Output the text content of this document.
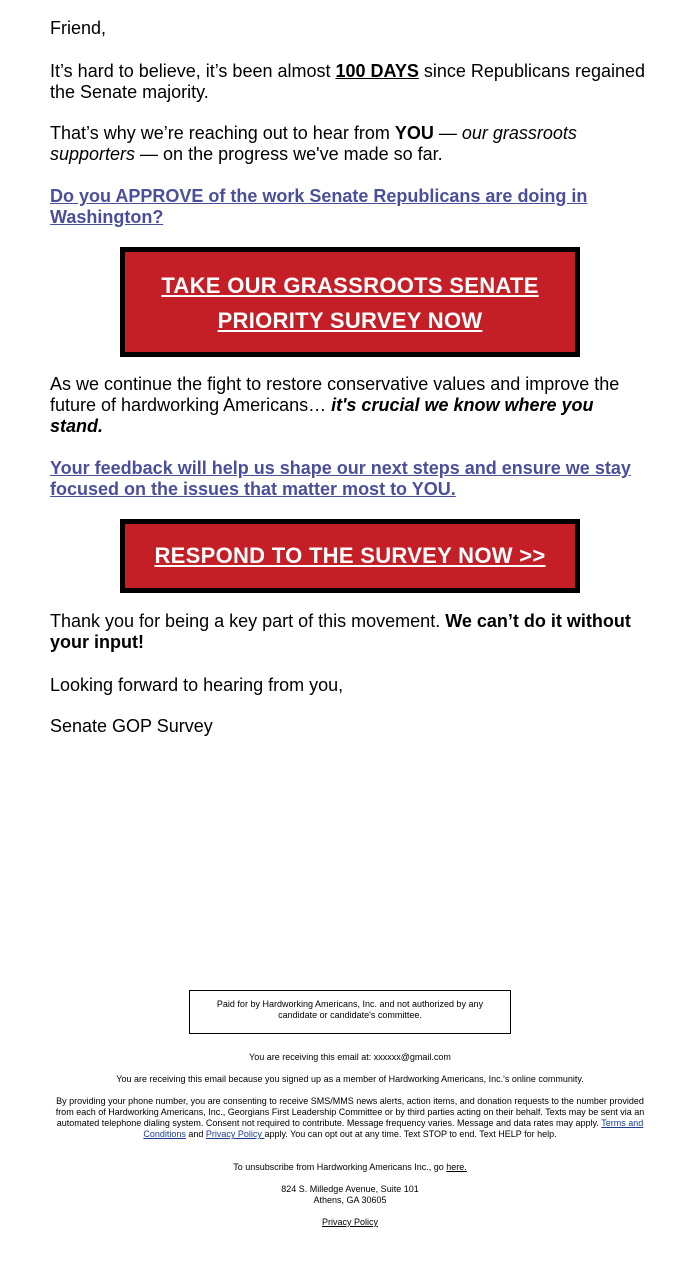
Friend,

It’s hard to believe, it’s been almost 100 DAYS since Republicans regained the Senate majority.

That’s why we’re reaching out to hear from YOU — our grassroots supporters — on the progress we've made so far.

Do you APPROVE of the work Senate Republicans are doing in Washington?

As we continue the fight to restore conservative values and improve the future of hardworking Americans… it's crucial we know where you stand.

Your feedback will help us shape our next steps and ensure we stay focused on the issues that matter most to YOU.

Thank you for being a key part of this movement. We can’t do it without your input!

Looking forward to hearing from you,

Senate GOP Survey

TAKE OUR GRASSROOTS SENATE
PRIORITY SURVEY NOW
RESPOND TO THE SURVEY NOW >>
Paid for by Hardworking Americans, Inc. and not authorized by any candidate or candidate's committee.

You are receiving this email at: xxxxxx@gmail.com

You are receiving this email because you signed up as a member of Hardworking Americans, Inc.'s online community.

By providing your phone number, you are consenting to receive SMS/MMS news alerts, action items, and donation requests to the number provided from each of Hardworking Americans, Inc., Georgians First Leadership Committee or by third parties acting on their behalf. Texts may be sent via an automated telephone dialing system. Consent not required to contribute. Message frequency varies. Message and data rates may apply. Terms and Conditions and Privacy Policy apply. You can opt out at any time. Text STOP to end. Text HELP for help.

To unsubscribe from Hardworking Americans Inc., go here.

824 S. Milledge Avenue, Suite 101
Athens, GA 30605

Privacy Policy
